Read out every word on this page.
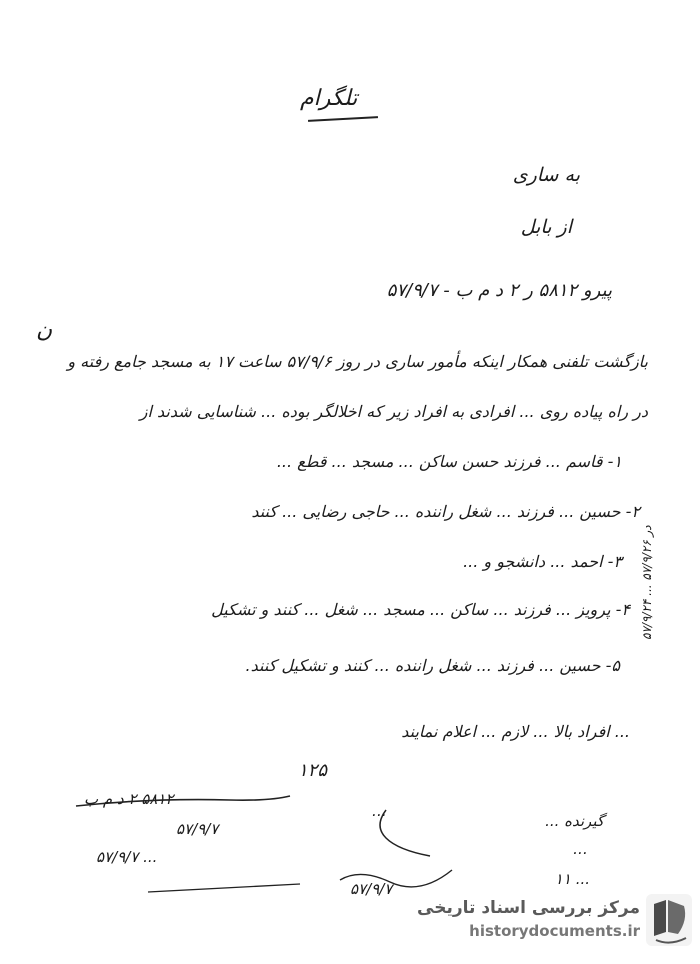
تلگرام
به ساری
از بابل
پیرو ۵۸۱۲ ر ۲ د م ب - ۵۷/۹/۷
ن
بازگشت تلفنی همکار اینکه مأمور ساری در روز ۵۷/۹/۶ ساعت ۱۷ به مسجد جامع رفته و
در راه پیاده روی ... افرادی به افراد زیر که اخلالگر بوده ... شناسایی شدند از
۱- قاسم ... فرزند حسن ساکن ... مسجد ... قطع ...
۲- حسین ... فرزند ... شغل راننده ... حاجی رضایی ... کنند
۳- احمد ... دانشجو و ...
۴- پرویز ... فرزند ... ساکن ... مسجد ... شغل ... کنند و تشکیل
۵- حسین ... فرزند ... شغل راننده ... کنند و تشکیل کنند.
... افراد بالا ... لازم ... اعلام نمایند
۱۲۵
در ۵۷/۹/۲۶ ... ۵۷/۹/۲۴
۵۸۱۲ ۲ د م ب
۵۷/۹/۷
... ۵۷/۹/۷
...
۵۷/۹/۷
گیرنده ...
...
... ۱۱
مرکز بررسی اسناد تاریخی
historydocuments.ir
